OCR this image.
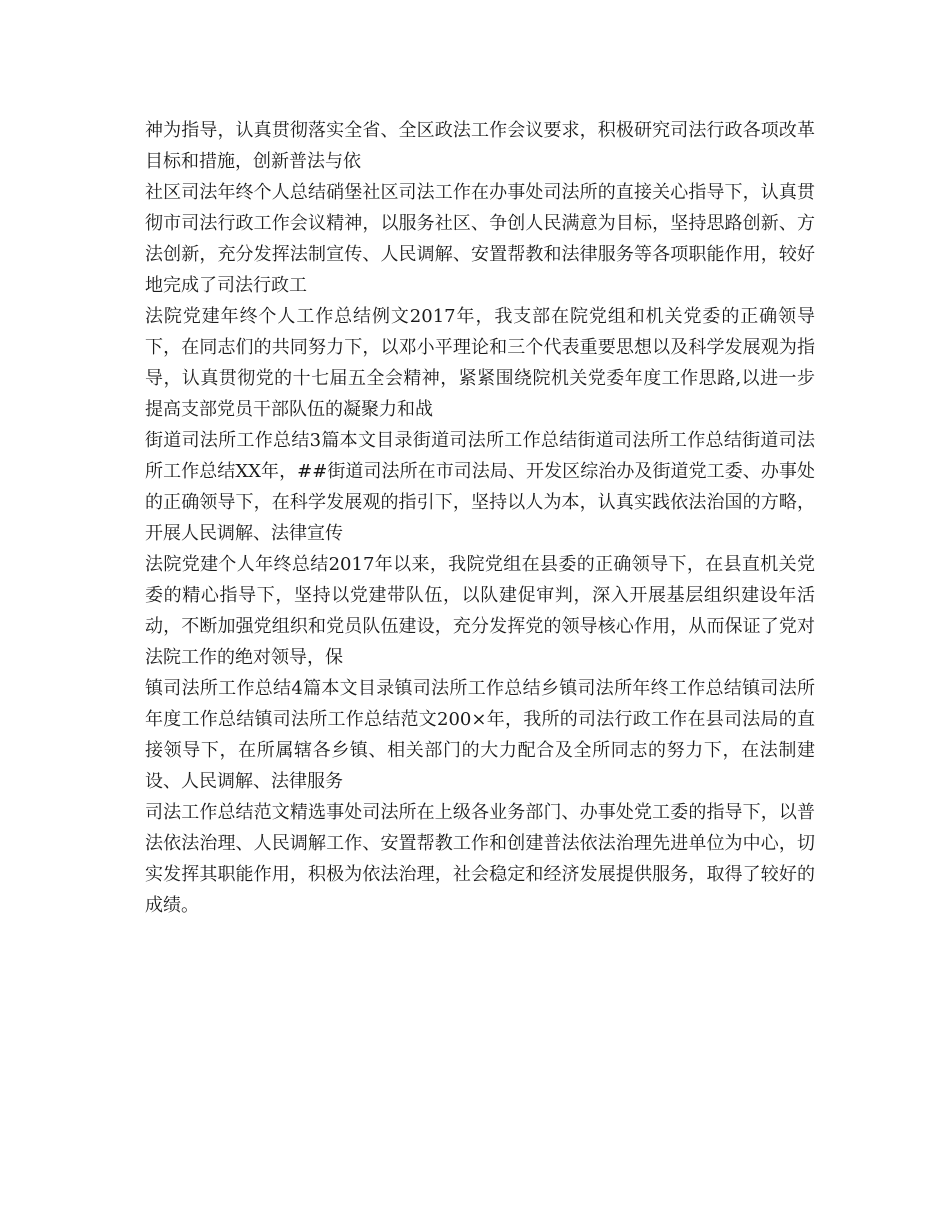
神为指导，认真贯彻落实全省、全区政法工作会议要求，积极研究司法行政各项改革目标和措施，创新普法与依

社区司法年终个人总结硝堡社区司法工作在办事处司法所的直接关心指导下，认真贯彻市司法行政工作会议精神，以服务社区、争创人民满意为目标，坚持思路创新、方法创新，充分发挥法制宣传、人民调解、安置帮教和法律服务等各项职能作用，较好地完成了司法行政工

法院党建年终个人工作总结例文2017年，我支部在院党组和机关党委的正确领导下，在同志们的共同努力下，以邓小平理论和三个代表重要思想以及科学发展观为指导，认真贯彻党的十七届五全会精神，紧紧围绕院机关党委年度工作思路,以进一步提高支部党员干部队伍的凝聚力和战

街道司法所工作总结3篇本文目录街道司法所工作总结街道司法所工作总结街道司法所工作总结XX年，##街道司法所在市司法局、开发区综治办及街道党工委、办事处的正确领导下，在科学发展观的指引下，坚持以人为本，认真实践依法治国的方略，开展人民调解、法律宣传

法院党建个人年终总结2017年以来，我院党组在县委的正确领导下，在县直机关党委的精心指导下，坚持以党建带队伍，以队建促审判，深入开展基层组织建设年活动，不断加强党组织和党员队伍建设，充分发挥党的领导核心作用，从而保证了党对法院工作的绝对领导，保

镇司法所工作总结4篇本文目录镇司法所工作总结乡镇司法所年终工作总结镇司法所年度工作总结镇司法所工作总结范文200×年，我所的司法行政工作在县司法局的直接领导下，在所属辖各乡镇、相关部门的大力配合及全所同志的努力下，在法制建设、人民调解、法律服务

司法工作总结范文精选事处司法所在上级各业务部门、办事处党工委的指导下，以普法依法治理、人民调解工作、安置帮教工作和创建普法依法治理先进单位为中心，切实发挥其职能作用，积极为依法治理，社会稳定和经济发展提供服务，取得了较好的成绩。
